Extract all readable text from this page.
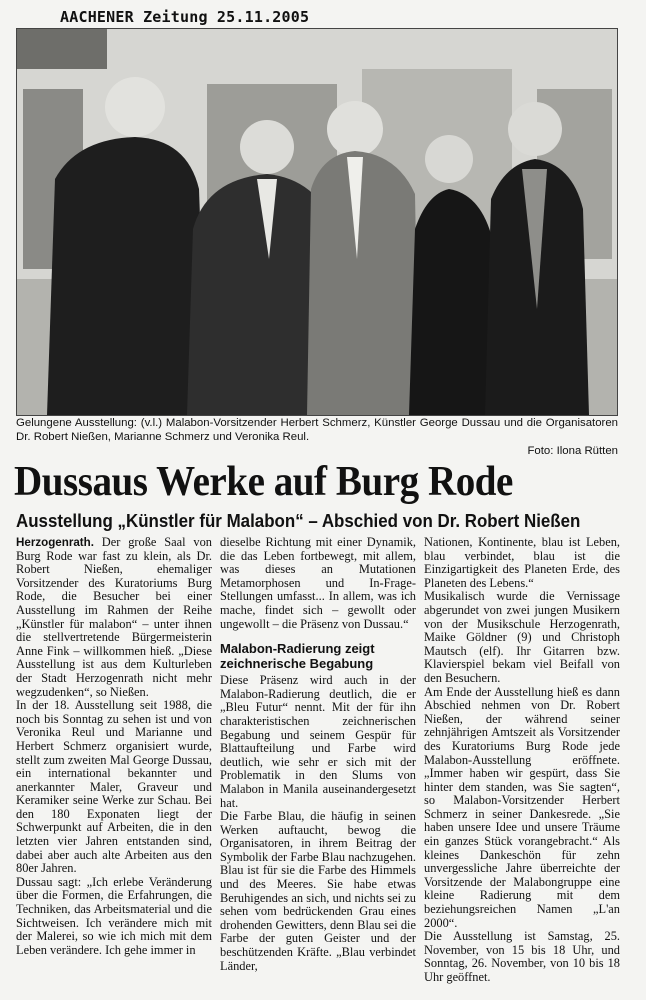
AACHENER Zeitung 25.11.2005
Gelungene Ausstellung: (v.l.) Malabon-Vorsitzender Herbert Schmerz, Künstler George Dussau und die Organisatoren Dr. Robert Nießen, Marianne Schmerz und Veronika Reul.
Foto: Ilona Rütten
Dussaus Werke auf Burg Rode
Ausstellung „Künstler für Malabon“ – Abschied von Dr. Robert Nießen

Herzogenrath. Der große Saal von Burg Rode war fast zu klein, als Dr. Robert Nießen, ehemaliger Vorsitzender des Kuratoriums Burg Rode, die Besucher bei einer Ausstellung im Rahmen der Reihe „Künstler für malabon“ – unter ihnen die stellvertretende Bürgermeisterin Anne Fink – willkommen hieß. „Diese Ausstellung ist aus dem Kulturleben der Stadt Herzogenrath nicht mehr wegzudenken“, so Nießen.

In der 18. Ausstellung seit 1988, die noch bis Sonntag zu sehen ist und von Veronika Reul und Marianne und Herbert Schmerz organisiert wurde, stellt zum zweiten Mal George Dussau, ein international bekannter und anerkannter Maler, Graveur und Keramiker seine Werke zur Schau. Bei den 180 Exponaten liegt der Schwerpunkt auf Arbeiten, die in den letzten vier Jahren entstanden sind, dabei aber auch alte Arbeiten aus den 80er Jahren.

Dussau sagt: „Ich erlebe Veränderung über die Formen, die Erfahrungen, die Techniken, das Arbeitsmaterial und die Sichtweisen. Ich verändere mich mit der Malerei, so wie ich mich mit dem Leben verändere. Ich gehe immer in

dieselbe Richtung mit einer Dynamik, die das Leben fortbewegt, mit allem, was dieses an Mutationen Metamorphosen und In-Frage-Stellungen umfasst... In allem, was ich mache, findet sich – gewollt oder ungewollt – die Präsenz von Dussau.“

Malabon-Radierung zeigt zeichnerische Begabung

Diese Präsenz wird auch in der Malabon-Radierung deutlich, die er „Bleu Futur“ nennt. Mit der für ihn charakteristischen zeichnerischen Begabung und seinem Gespür für Blattaufteilung und Farbe wird deutlich, wie sehr er sich mit der Problematik in den Slums von Malabon in Manila auseinandergesetzt hat.

Die Farbe Blau, die häufig in seinen Werken auftaucht, bewog die Organisatoren, in ihrem Beitrag der Symbolik der Farbe Blau nachzugehen. Blau ist für sie die Farbe des Himmels und des Meeres. Sie habe etwas Beruhigendes an sich, und nichts sei zu sehen vom bedrückenden Grau eines drohenden Gewitters, denn Blau sei die Farbe der guten Geister und der beschützenden Kräfte. „Blau verbindet Länder,

Nationen, Kontinente, blau ist Leben, blau verbindet, blau ist die Einzigartigkeit des Planeten Erde, des Planeten des Lebens.“

Musikalisch wurde die Vernissage abgerundet von zwei jungen Musikern von der Musikschule Herzogenrath, Maike Göldner (9) und Christoph Mautsch (elf). Ihr Gitarren bzw. Klavierspiel bekam viel Beifall von den Besuchern.

Am Ende der Ausstellung hieß es dann Abschied nehmen von Dr. Robert Nießen, der während seiner zehnjährigen Amtszeit als Vorsitzender des Kuratoriums Burg Rode jede Malabon-Ausstellung eröffnete. „Immer haben wir gespürt, dass Sie hinter dem standen, was Sie sagten“, so Malabon-Vorsitzender Herbert Schmerz in seiner Dankesrede. „Sie haben unsere Idee und unsere Träume ein ganzes Stück vorangebracht.“ Als kleines Dankeschön für zehn unvergessliche Jahre überreichte der Vorsitzende der Malabongruppe eine kleine Radierung mit dem beziehungsreichen Namen „L'an 2000“.

Die Ausstellung ist Samstag, 25. November, von 15 bis 18 Uhr, und Sonntag, 26. November, von 10 bis 18 Uhr geöffnet.
